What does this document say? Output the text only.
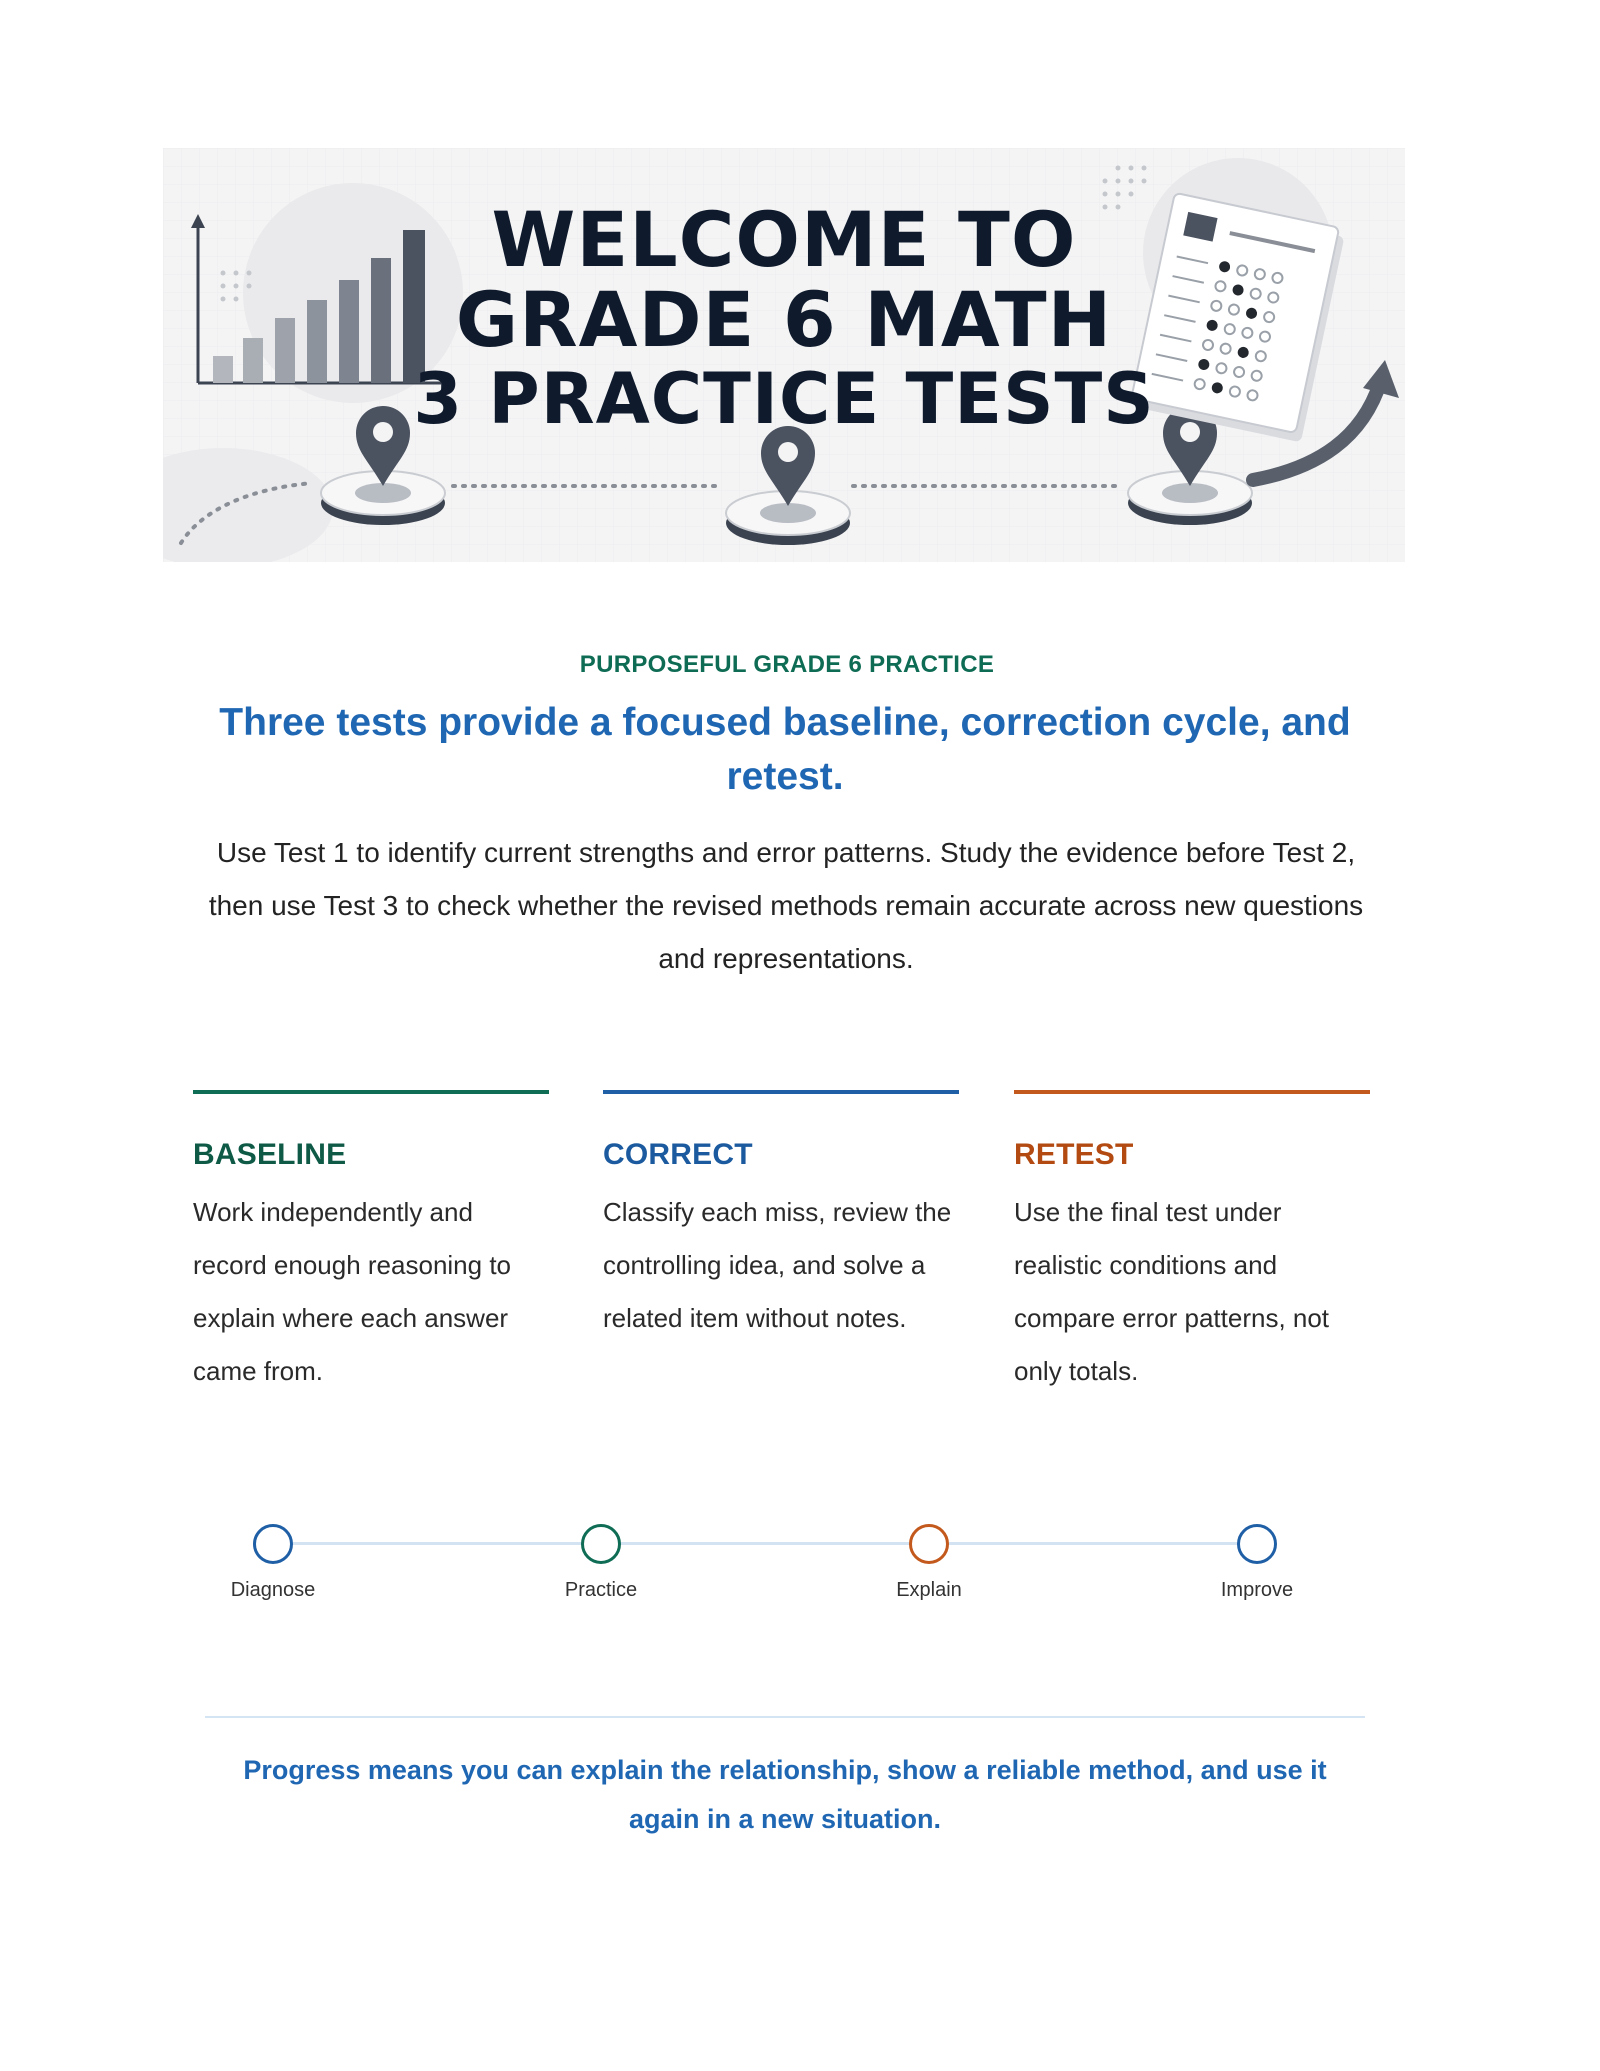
WELCOME TO
GRADE 6 MATH
3 PRACTICE TESTS
PURPOSEFUL GRADE 6 PRACTICE
Three tests provide a focused baseline, correction cycle, and retest.

Use Test 1 to identify current strengths and error patterns. Study the evidence before Test 2, then use Test 3 to check whether the revised methods remain accurate across new questions and representations.

BASELINE

Work independently and record enough reasoning to explain where each answer came from.

CORRECT

Classify each miss, review the controlling idea, and solve a related item without notes.

RETEST

Use the final test under realistic conditions and compare error patterns, not only totals.

Diagnose	Practice	Explain	Improve

Progress means you can explain the relationship, show a reliable method, and use it again in a new situation.
